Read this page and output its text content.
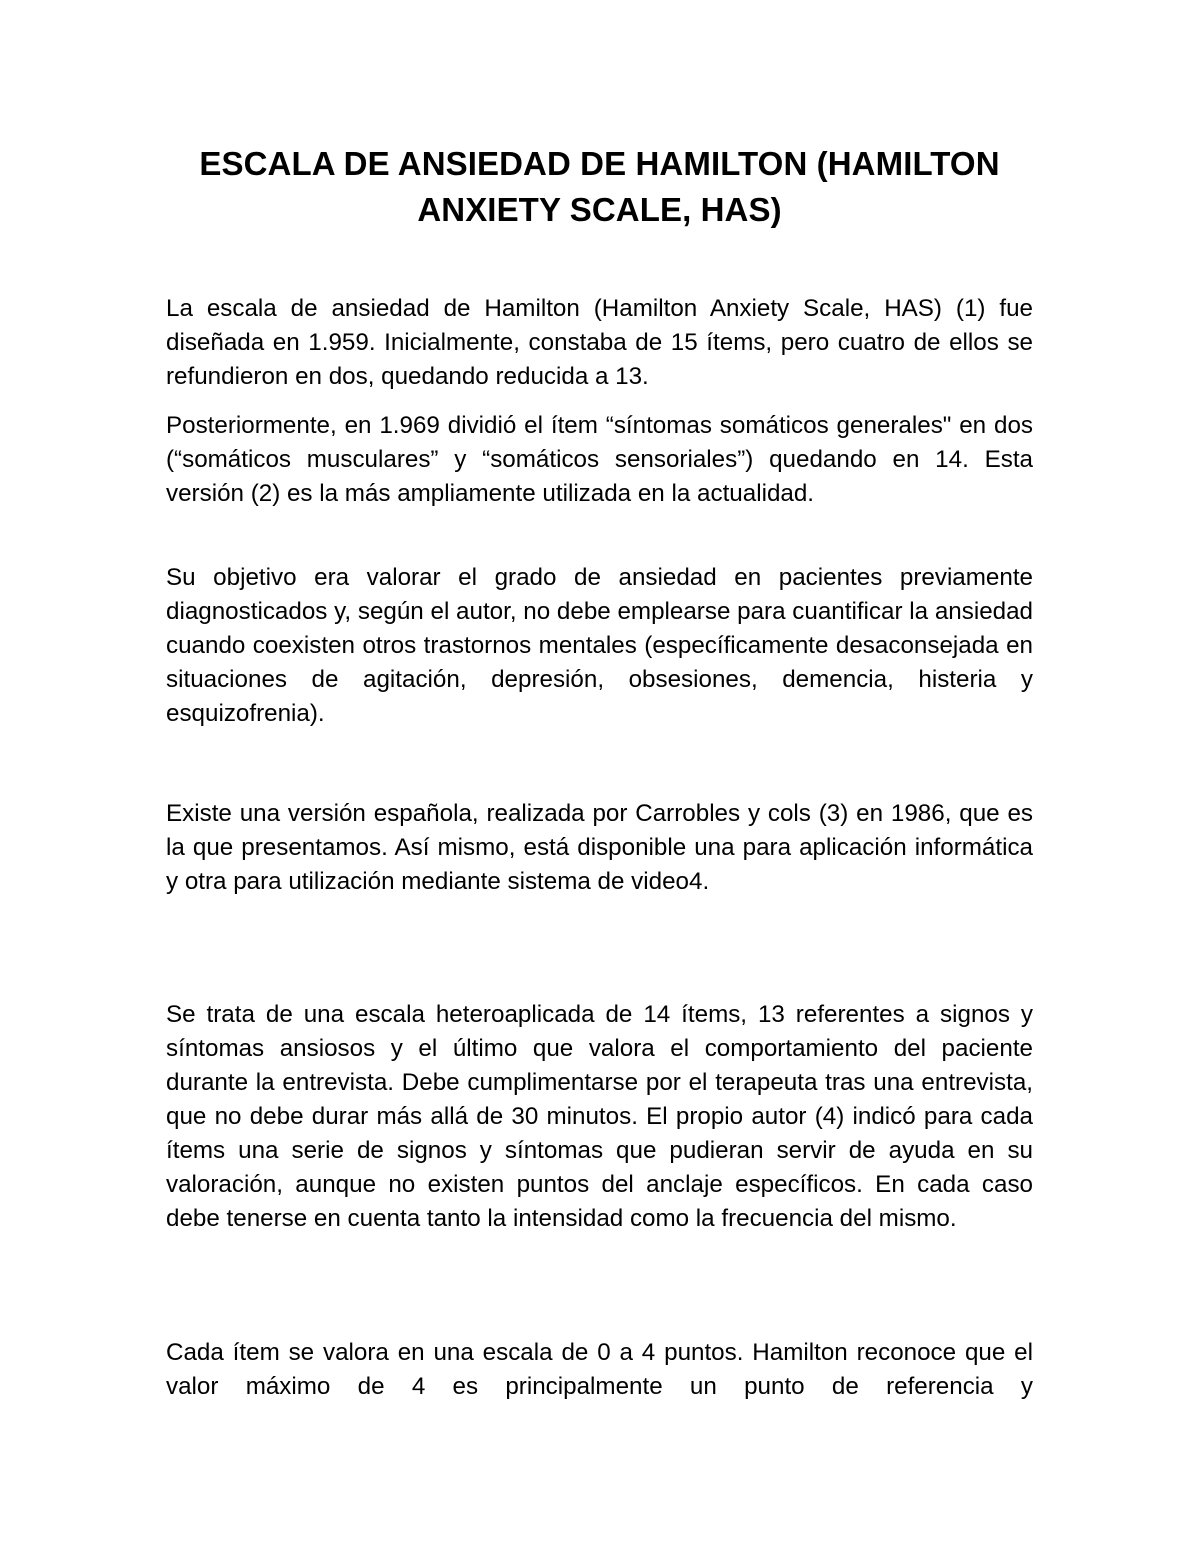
ESCALA DE ANSIEDAD DE HAMILTON (HAMILTON ANXIETY SCALE, HAS)

La escala de ansiedad de Hamilton (Hamilton Anxiety Scale, HAS) (1) fue diseñada en 1.959. Inicialmente, constaba de 15 ítems, pero cuatro de ellos se refundieron en dos, quedando reducida a 13.

Posteriormente, en 1.969 dividió el ítem “síntomas somáticos generales" en dos (“somáticos musculares” y “somáticos sensoriales”) quedando en 14. Esta versión (2) es la más ampliamente utilizada en la actualidad.

Su objetivo era valorar el grado de ansiedad en pacientes previamente diagnosticados y, según el autor, no debe emplearse para cuantificar la ansiedad cuando coexisten otros trastornos mentales (específicamente desaconsejada en situaciones de agitación, depresión, obsesiones, demencia, histeria y esquizofrenia).

Existe una versión española, realizada por Carrobles y cols (3) en 1986, que es la que presentamos. Así mismo, está disponible una para aplicación informática y otra para utilización mediante sistema de video4.

Se trata de una escala heteroaplicada de 14 ítems, 13 referentes a signos y síntomas ansiosos y el último que valora el comportamiento del paciente durante la entrevista. Debe cumplimentarse por el terapeuta tras una entrevista, que no debe durar más allá de 30 minutos. El propio autor (4) indicó para cada ítems una serie de signos y síntomas que pudieran servir de ayuda en su valoración, aunque no existen puntos del anclaje específicos. En cada caso debe tenerse en cuenta tanto la intensidad como la frecuencia del mismo.

Cada ítem se valora en una escala de 0 a 4 puntos. Hamilton reconoce que el valor máximo de 4 es principalmente un punto de referencia y
